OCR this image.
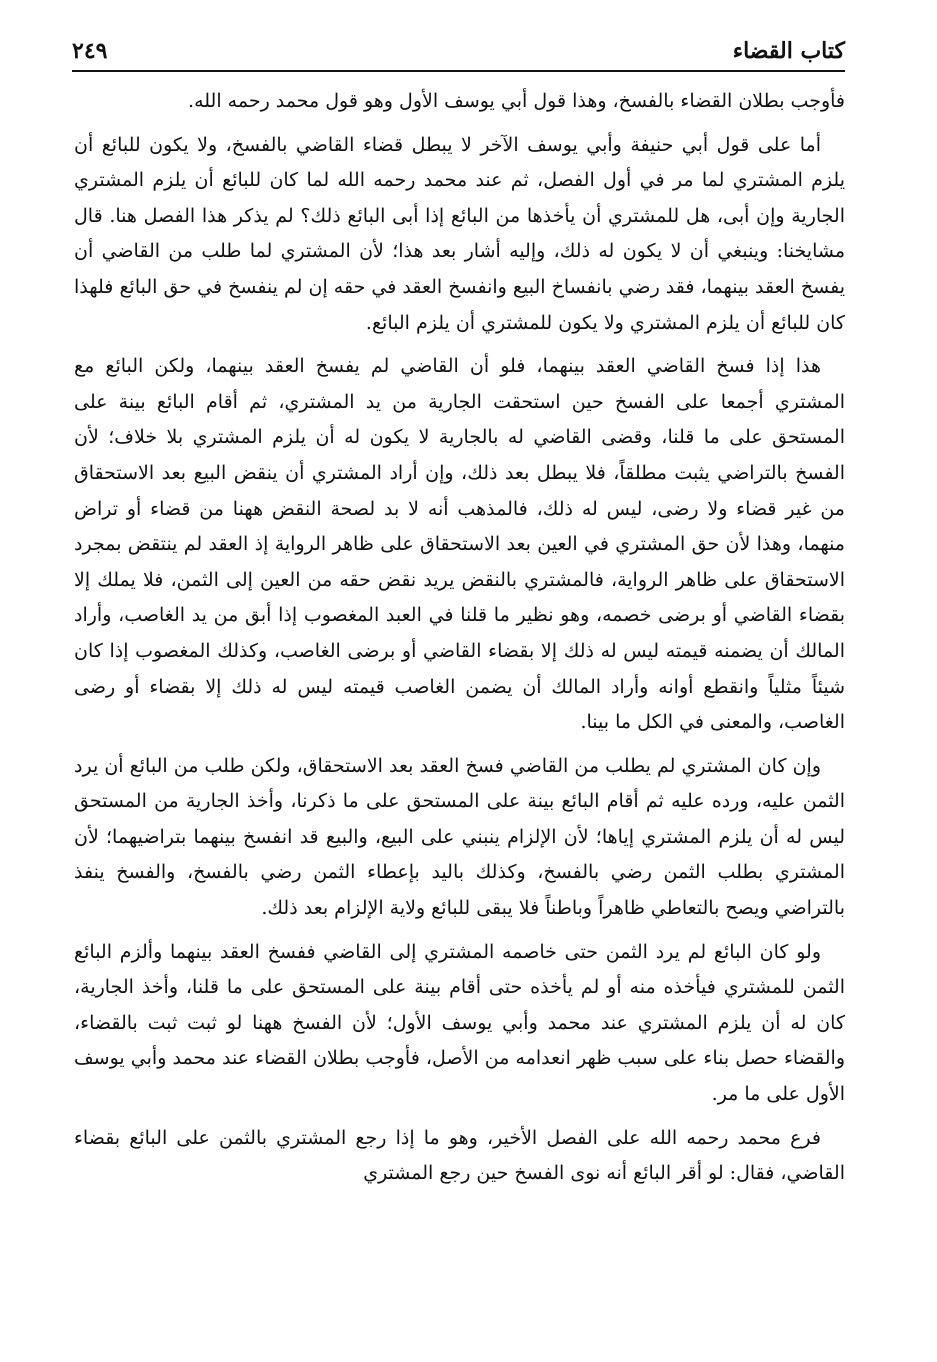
كتاب القضاء
٢٤٩

فأوجب بطلان القضاء بالفسخ، وهذا قول أبي يوسف الأول وهو قول محمد رحمه الله.

أما على قول أبي حنيفة وأبي يوسف الآخر لا يبطل قضاء القاضي بالفسخ، ولا يكون للبائع أن يلزم المشتري لما مر في أول الفصل، ثم عند محمد رحمه الله لما كان للبائع أن يلزم المشتري الجارية وإن أبى، هل للمشتري أن يأخذها من البائع إذا أبى البائع ذلك؟ لم يذكر هذا الفصل هنا. قال مشايخنا: وينبغي أن لا يكون له ذلك، وإليه أشار بعد هذا؛ لأن المشتري لما طلب من القاضي أن يفسخ العقد بينهما، فقد رضي بانفساخ البيع وانفسخ العقد في حقه إن لم ينفسخ في حق البائع فلهذا كان للبائع أن يلزم المشتري ولا يكون للمشتري أن يلزم البائع.

هذا إذا فسخ القاضي العقد بينهما، فلو أن القاضي لم يفسخ العقد بينهما، ولكن البائع مع المشتري أجمعا على الفسخ حين استحقت الجارية من يد المشتري، ثم أقام البائع بينة على المستحق على ما قلنا، وقضى القاضي له بالجارية لا يكون له أن يلزم المشتري بلا خلاف؛ لأن الفسخ بالتراضي يثبت مطلقاً، فلا يبطل بعد ذلك، وإن أراد المشتري أن ينقض البيع بعد الاستحقاق من غير قضاء ولا رضى، ليس له ذلك، فالمذهب أنه لا بد لصحة النقض ههنا من قضاء أو تراض منهما، وهذا لأن حق المشتري في العين بعد الاستحقاق على ظاهر الرواية إذ العقد لم ينتقض بمجرد الاستحقاق على ظاهر الرواية، فالمشتري بالنقض يريد نقض حقه من العين إلى الثمن، فلا يملك إلا بقضاء القاضي أو برضى خصمه، وهو نظير ما قلنا في العبد المغصوب إذا أبق من يد الغاصب، وأراد المالك أن يضمنه قيمته ليس له ذلك إلا بقضاء القاضي أو برضى الغاصب، وكذلك المغصوب إذا كان شيئاً مثلياً وانقطع أوانه وأراد المالك أن يضمن الغاصب قيمته ليس له ذلك إلا بقضاء أو رضى الغاصب، والمعنى في الكل ما بينا.

وإن كان المشتري لم يطلب من القاضي فسخ العقد بعد الاستحقاق، ولكن طلب من البائع أن يرد الثمن عليه، ورده عليه ثم أقام البائع بينة على المستحق على ما ذكرنا، وأخذ الجارية من المستحق ليس له أن يلزم المشتري إياها؛ لأن الإلزام ينبني على البيع، والبيع قد انفسخ بينهما بتراضيهما؛ لأن المشتري بطلب الثمن رضي بالفسخ، وكذلك باليد بإعطاء الثمن رضي بالفسخ، والفسخ ينفذ بالتراضي ويصح بالتعاطي ظاهراً وباطناً فلا يبقى للبائع ولاية الإلزام بعد ذلك.

ولو كان البائع لم يرد الثمن حتى خاصمه المشتري إلى القاضي ففسخ العقد بينهما وألزم البائع الثمن للمشتري فيأخذه منه أو لم يأخذه حتى أقام بينة على المستحق على ما قلنا، وأخذ الجارية، كان له أن يلزم المشتري عند محمد وأبي يوسف الأول؛ لأن الفسخ ههنا لو ثبت ثبت بالقضاء، والقضاء حصل بناء على سبب ظهر انعدامه من الأصل، فأوجب بطلان القضاء عند محمد وأبي يوسف الأول على ما مر.

فرع محمد رحمه الله على الفصل الأخير، وهو ما إذا رجع المشتري بالثمن على البائع بقضاء القاضي، فقال: لو أقر البائع أنه نوى الفسخ حين رجع المشتري
